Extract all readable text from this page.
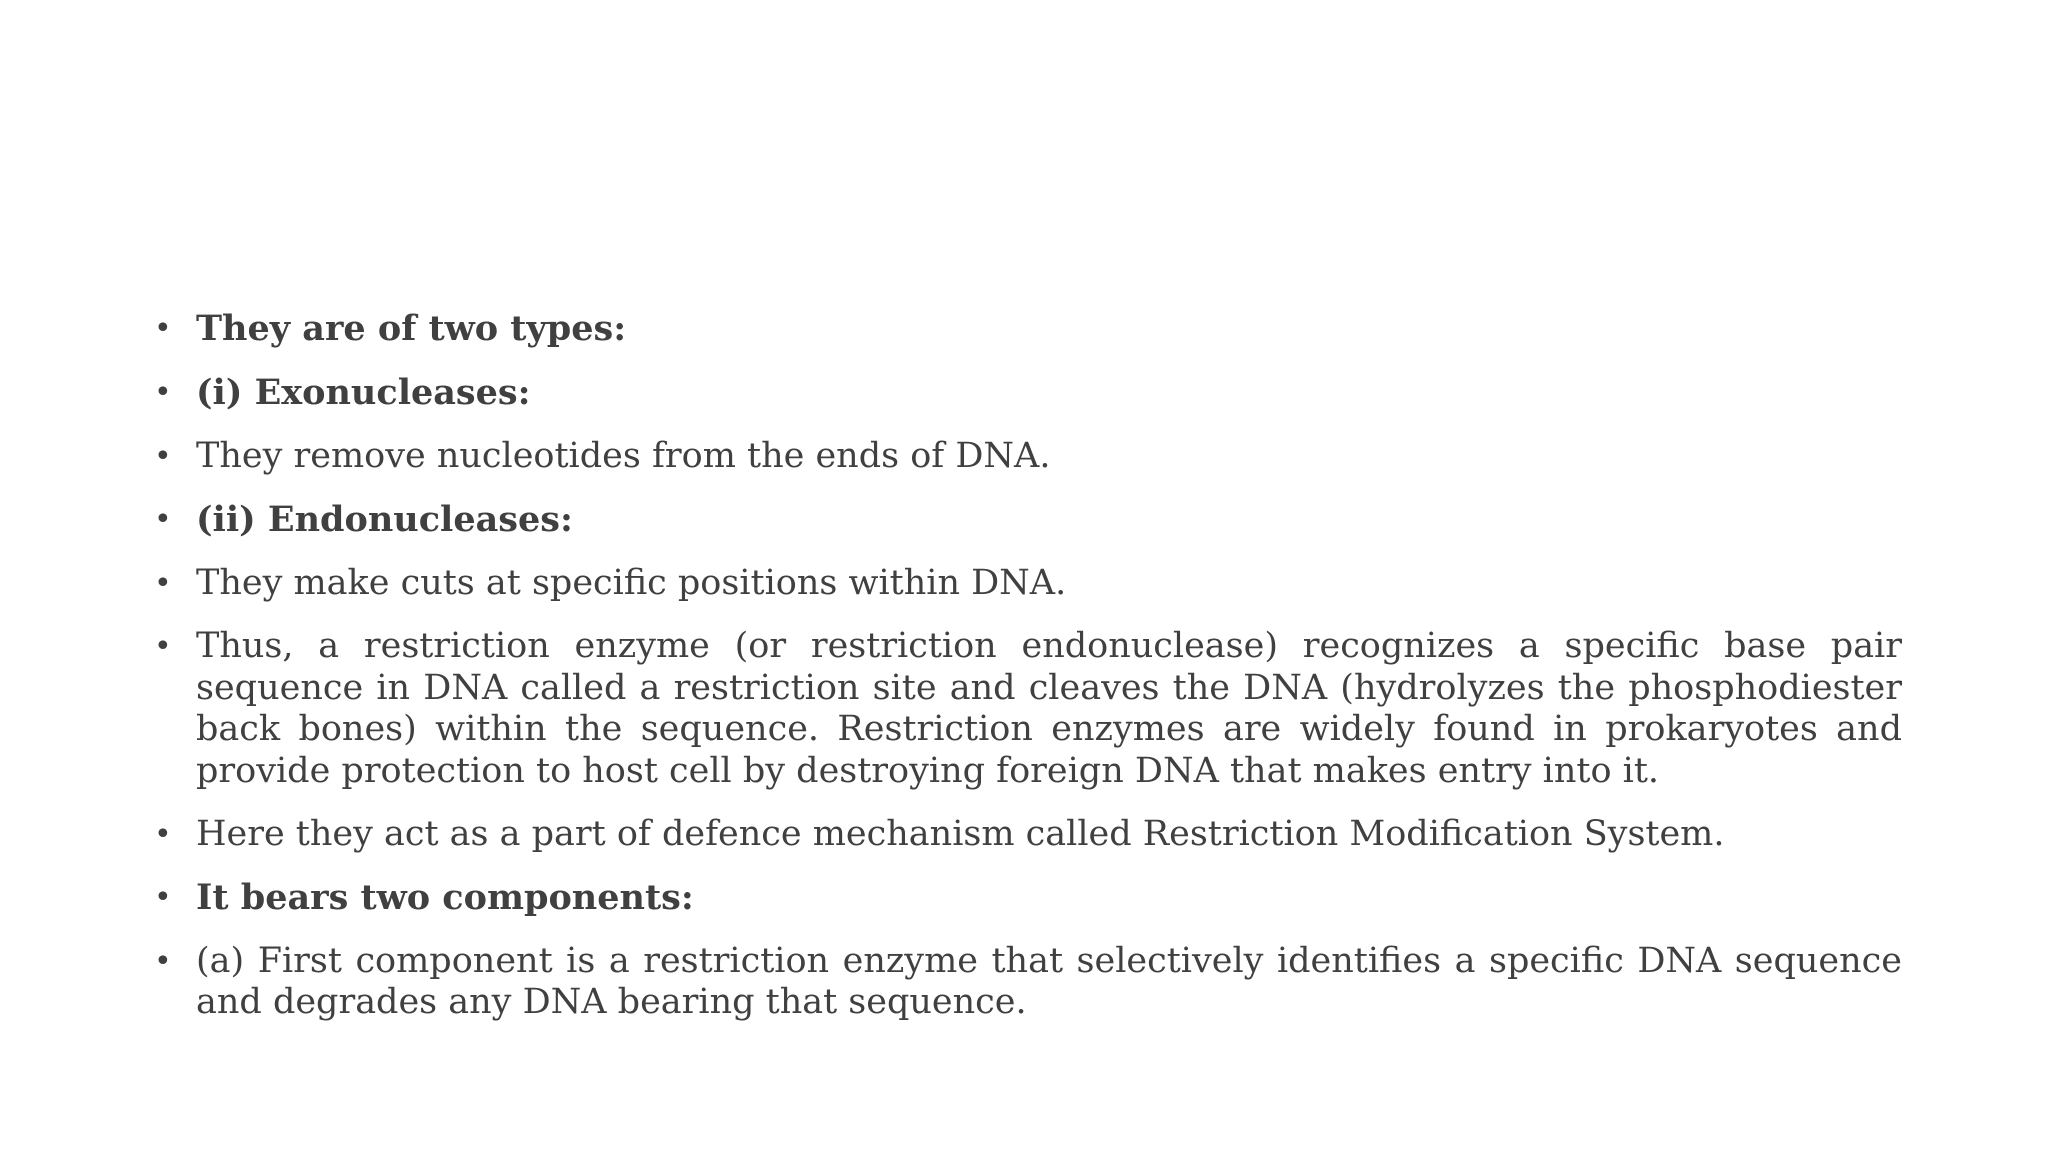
• They are of two types:
• (i) Exonucleases:
• They remove nucleotides from the ends of DNA.
• (ii) Endonucleases:
• They make cuts at specific positions within DNA.
• Thus, a restriction enzyme (or restriction endonuclease) recognizes a specific base pair sequence in DNA called a restriction site and cleaves the DNA (hydrolyzes the phosphodiester back bones) within the sequence. Restriction enzymes are widely found in prokaryotes and provide protection to host cell by destroying foreign DNA that makes entry into it.
• Here they act as a part of defence mechanism called Restriction Modification System.
• It bears two components:
• (a) First component is a restriction enzyme that selectively identifies a specific DNA sequence and degrades any DNA bearing that sequence.
